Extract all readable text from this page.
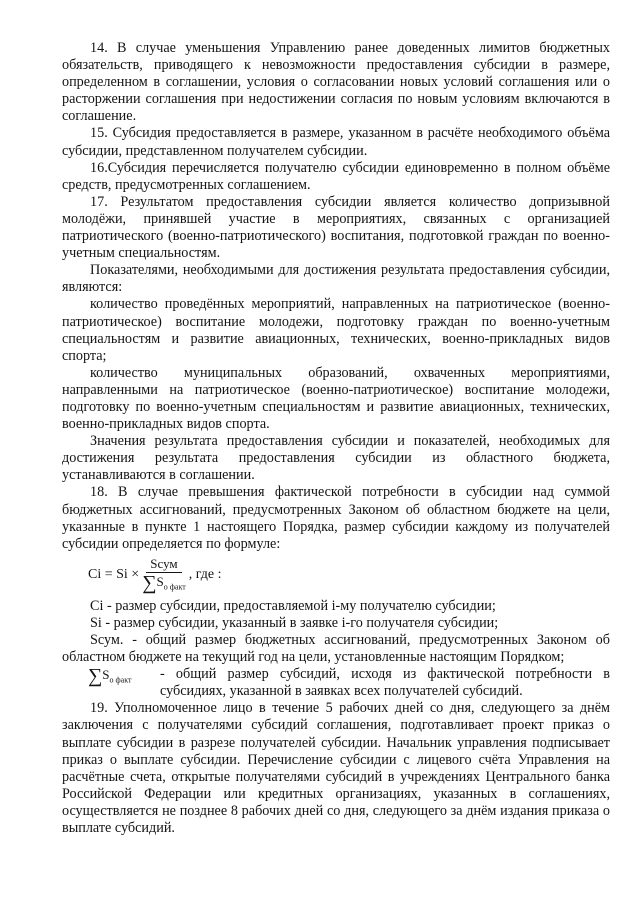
14. В случае уменьшения Управлению ранее доведенных лимитов бюджетных обязательств, приводящего к невозможности предоставления субсидии в размере, определенном в соглашении, условия о согласовании новых условий соглашения или о расторжении соглашения при недостижении согласия по новым условиям включаются в соглашение.

15. Субсидия предоставляется в размере, указанном в расчёте необходимого объёма субсидии, представленном получателем субсидии.

16.Субсидия перечисляется получателю субсидии единовременно в полном объёме средств, предусмотренных соглашением.

17. Результатом предоставления субсидии является количество допризывной молодёжи, принявшей участие в мероприятиях, связанных с организацией патриотического (военно-патриотического) воспитания, подготовкой граждан по военно-учетным специальностям.

Показателями, необходимыми для достижения результата предоставления субсидии, являются:

количество проведённых мероприятий, направленных на патриотическое (военно-патриотическое) воспитание молодежи, подготовку граждан по военно-учетным специальностям и развитие авиационных, технических, военно-прикладных видов спорта;

количество муниципальных образований, охваченных мероприятиями, направленными на патриотическое (военно-патриотическое) воспитание молодежи, подготовку по военно-учетным специальностям и развитие авиационных, технических, военно-прикладных видов спорта.

Значения результата предоставления субсидии и показателей, необходимых для достижения результата предоставления субсидии из областного бюджета, устанавливаются в соглашении.

18. В случае превышения фактической потребности в субсидии над суммой бюджетных ассигнований, предусмотренных Законом об областном бюджете на цели, указанные в пункте 1 настоящего Порядка, размер субсидии каждому из получателей субсидии определяется по формуле:

$Ci = Si \times \frac{\text{Sсум}}{\sum S_{o факт}}$ , где :

Ci - размер субсидии, предоставляемой i-му получателю субсидии;

Si - размер субсидии, указанный в заявке i-го получателя субсидии;

Sсум. - общий размер бюджетных ассигнований, предусмотренных Законом об областном бюджете на текущий год на цели, установленные настоящим Порядком;

$\sum S_{o факт}$	- общий размер субсидий, исходя из фактической потребности в субсидиях, указанной в заявках всех получателей субсидий.

19. Уполномоченное лицо в течение 5 рабочих дней со дня, следующего за днём заключения с получателями субсидий соглашения, подготавливает проект приказ о выплате субсидии в разрезе получателей субсидии. Начальник управления подписывает приказ о выплате субсидии. Перечисление субсидии с лицевого счёта Управления на расчётные счета, открытые получателями субсидий в учреждениях Центрального банка Российской Федерации или кредитных организациях, указанных в соглашениях, осуществляется не позднее 8 рабочих дней со дня, следующего за днём издания приказа о выплате субсидий.
